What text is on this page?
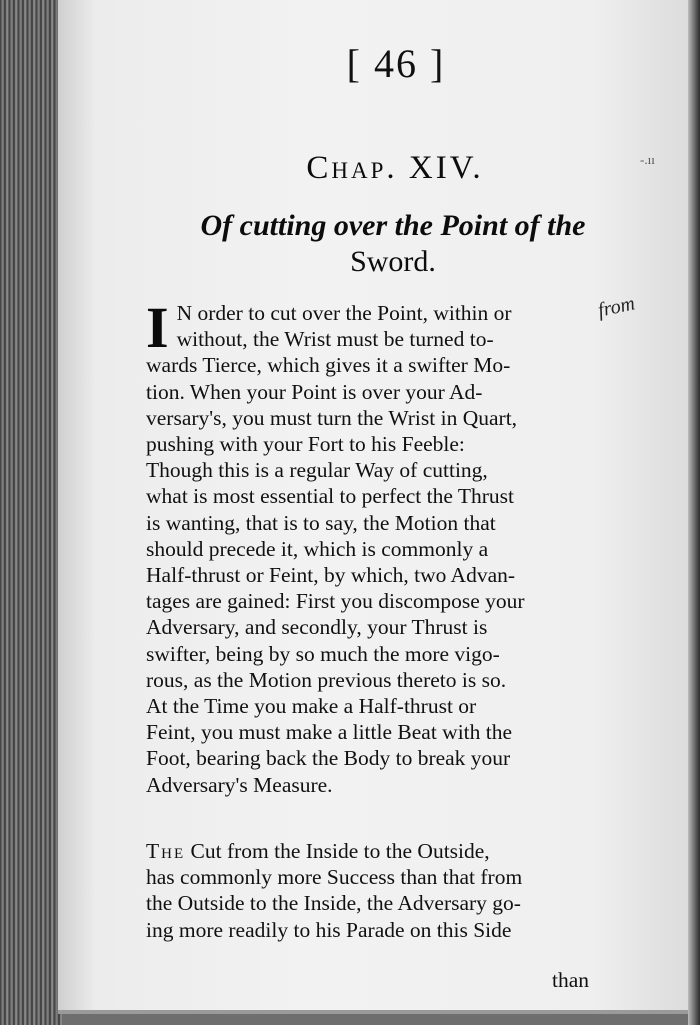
[ 46 ]
-.ıı
Chap. XIV.
Of cutting over the Point of the
Sword.
from
I N order to cut over the Point, within or
without, the Wrist must be turned to-
wards Tierce, which gives it a swifter Mo-
tion. When your Point is over your Ad-
versary's, you must turn the Wrist in Quart,
pushing with your Fort to his Feeble:
Though this is a regular Way of cutting,
what is most essential to perfect the Thrust
is wanting, that is to say, the Motion that
should precede it, which is commonly a
Half-thrust or Feint, by which, two Advan-
tages are gained: First you discompose your
Adversary, and secondly, your Thrust is
swifter, being by so much the more vigo-
rous, as the Motion previous thereto is so.
At the Time you make a Half-thrust or
Feint, you must make a little Beat with the
Foot, bearing back the Body to break your
Adversary's Measure.
The Cut from the Inside to the Outside,
has commonly more Success than that from
the Outside to the Inside, the Adversary go-
ing more readily to his Parade on this Side
than
